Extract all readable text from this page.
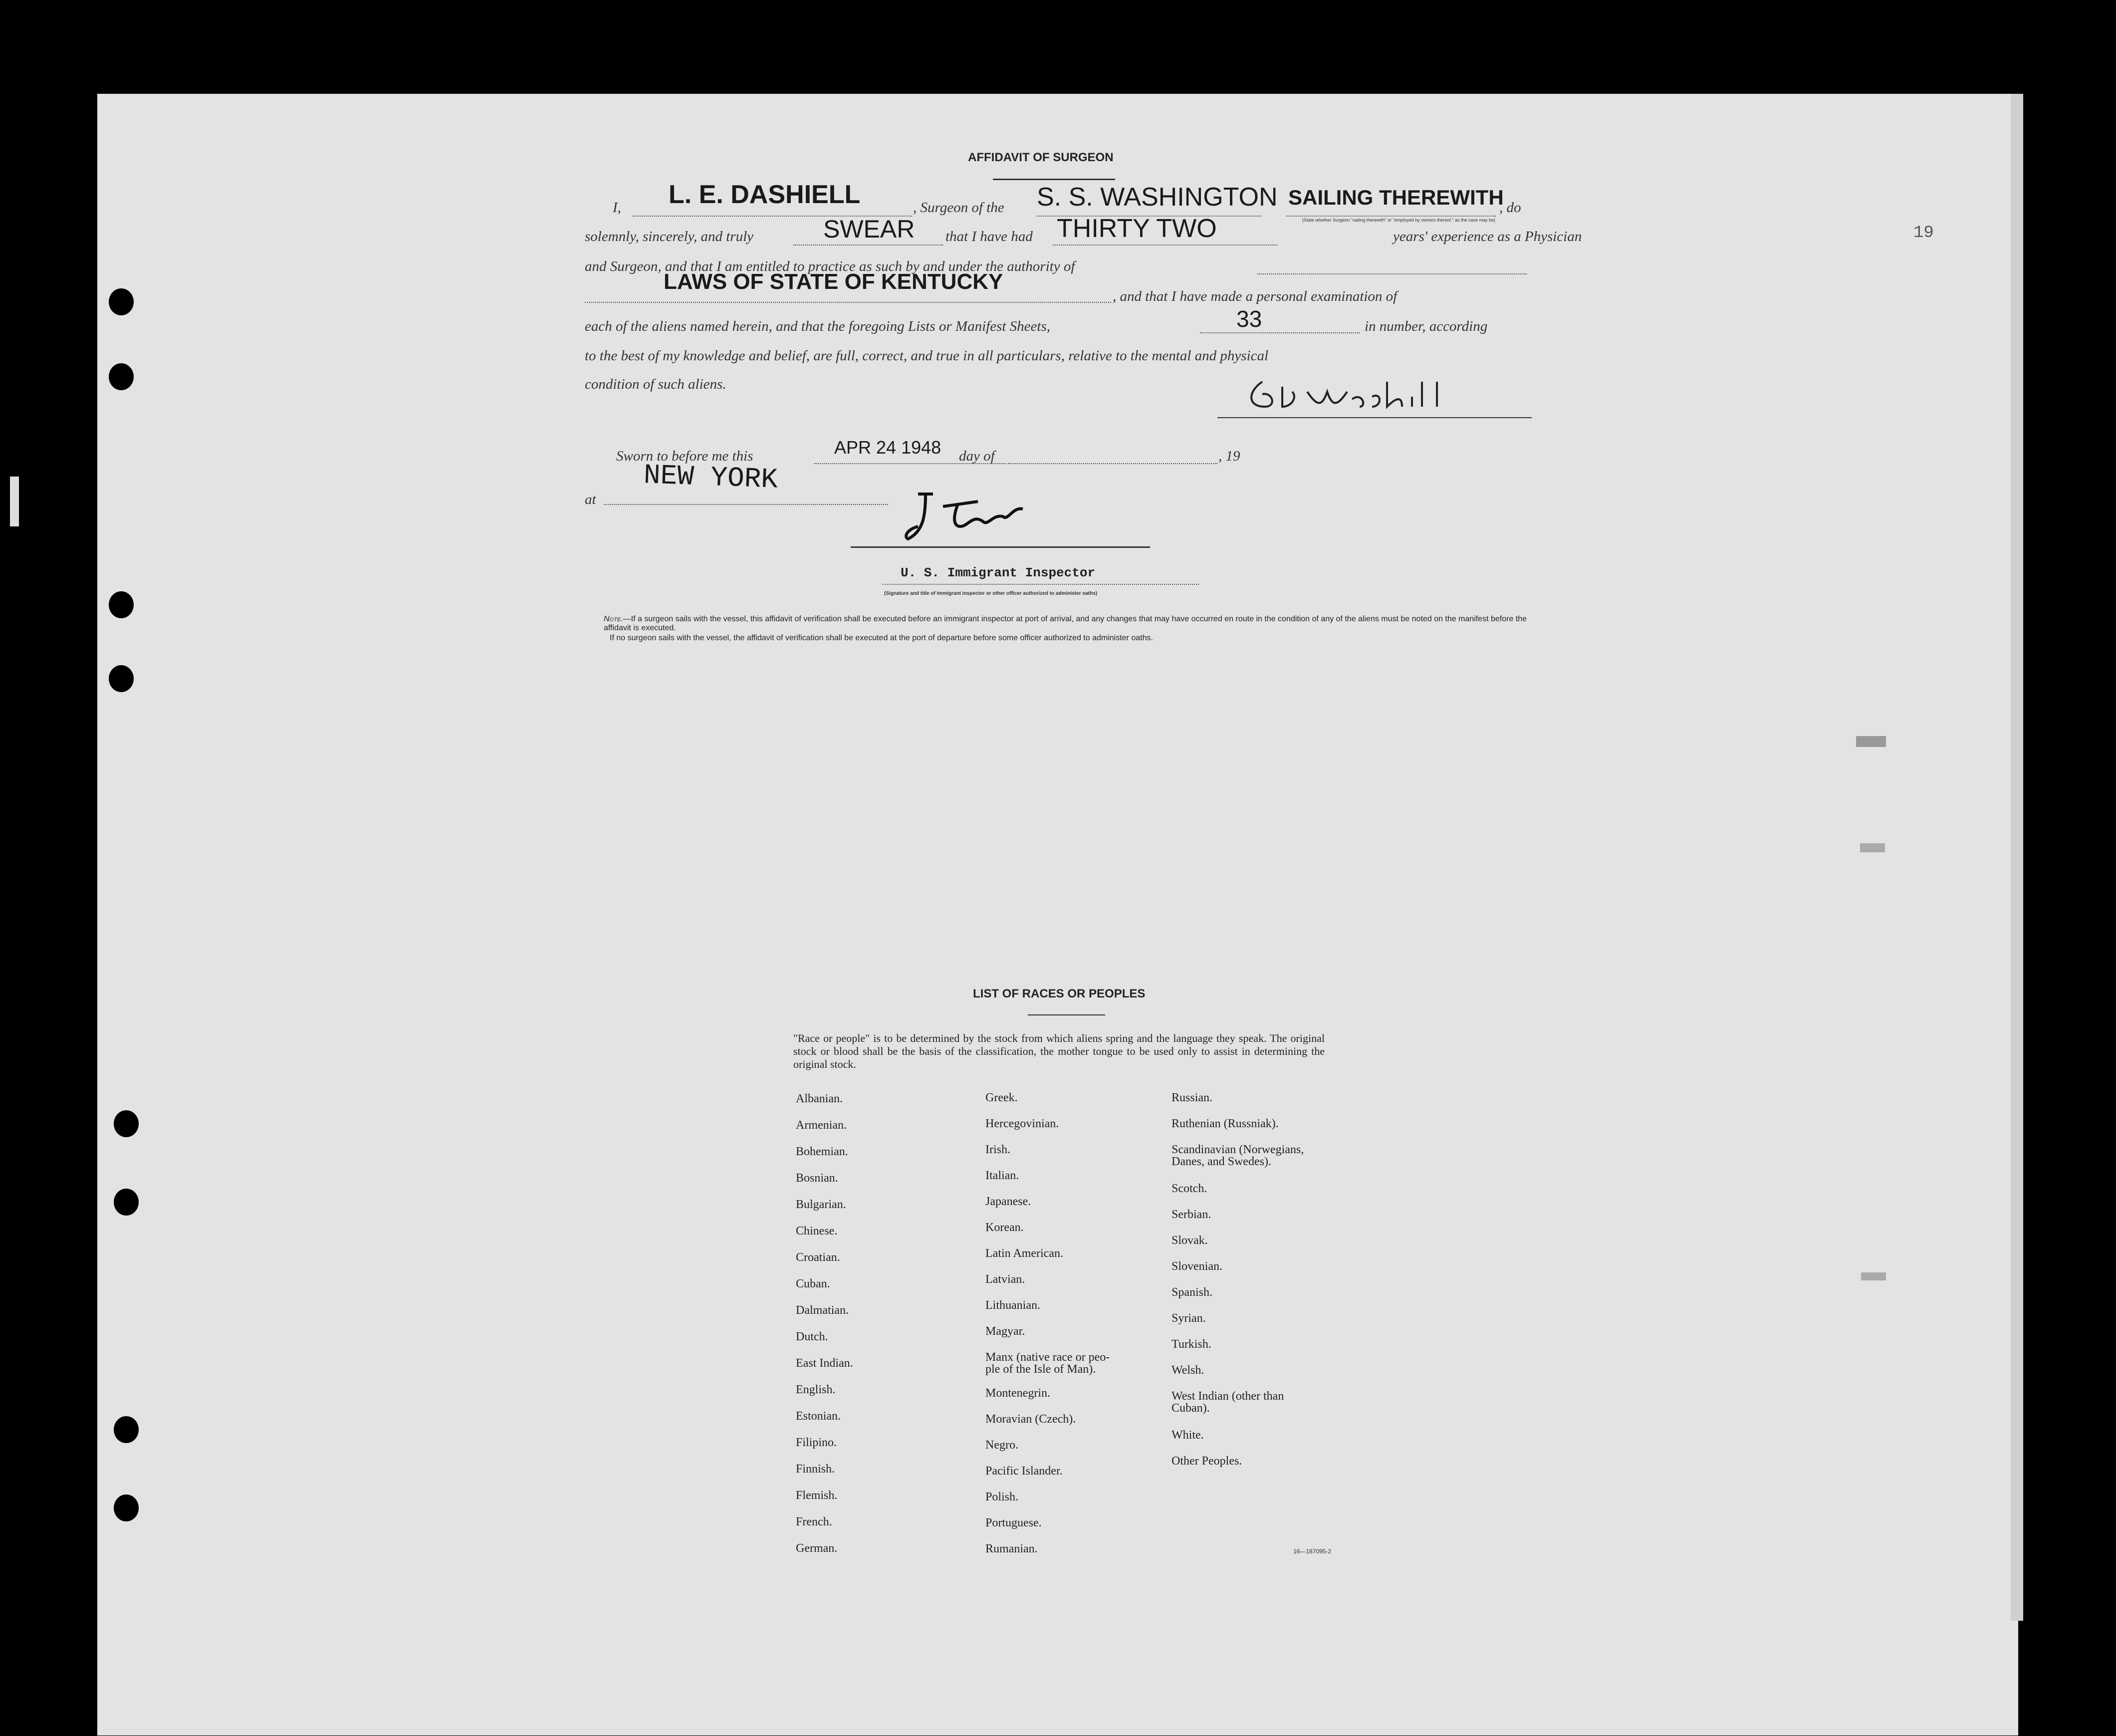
19
AFFIDAVIT OF SURGEON
I, L. E. DASHIELL	, Surgeon of the S. S. WASHINGTON SAILING THEREWITH
, do
solemnly, sincerely, and truly	SWEAR that I have had THIRTY TWO	(State whether Surgeon "sailing therewith" or "employed by owners thereof," as the case may be)
years' experience as a Physician
and Surgeon, and that I am entitled to practice as such by and under the authority of
LAWS OF STATE OF KENTUCKY
, and that I have made a personal examination of
each of the aliens named herein, and that the foregoing Lists or Manifest Sheets,	33	in number, according
to the best of my knowledge and belief, are full, correct, and true in all particulars, relative to the mental and physical
condition of such aliens.
Sworn to before me this	APR 24 1948 day of	, 19
at
NEW YORK
U. S. Immigrant Inspector
(Signature and title of Immigrant inspector or other officer authorized to administer oaths)
Note.—If a surgeon sails with the vessel, this affidavit of verification shall be executed before an immigrant inspector at port of arrival, and any changes that may have occurred en route in the condition of any of the aliens must be noted on the manifest before the affidavit is executed.
If no surgeon sails with the vessel, the affidavit of verification shall be executed at the port of departure before some officer authorized to administer oaths.
LIST OF RACES OR PEOPLES
"Race or people" is to be determined by the stock from which aliens spring and the language they speak. The original stock or blood shall be the basis of the classification, the mother tongue to be used only to assist in determining the original stock.
Albanian.
Armenian.
Bohemian.
Bosnian.
Bulgarian.
Chinese.
Croatian.
Cuban.
Dalmatian.
Dutch.
East Indian.
English.
Estonian.
Filipino.
Finnish.
Flemish.
French.
German.
Greek.
Hercegovinian.
Irish.
Italian.
Japanese.
Korean.
Latin American.
Latvian.
Lithuanian.
Magyar.
Manx (native race or peo-
ple of the Isle of Man).
Montenegrin.
Moravian (Czech).
Negro.
Pacific Islander.
Polish.
Portuguese.
Rumanian.
Russian.
Ruthenian (Russniak).
Scandinavian (Norwegians,
Danes, and Swedes).
Scotch.
Serbian.
Slovak.
Slovenian.
Spanish.
Syrian.
Turkish.
Welsh.
West Indian (other than
Cuban).
White.
Other Peoples.
16—187095-2
